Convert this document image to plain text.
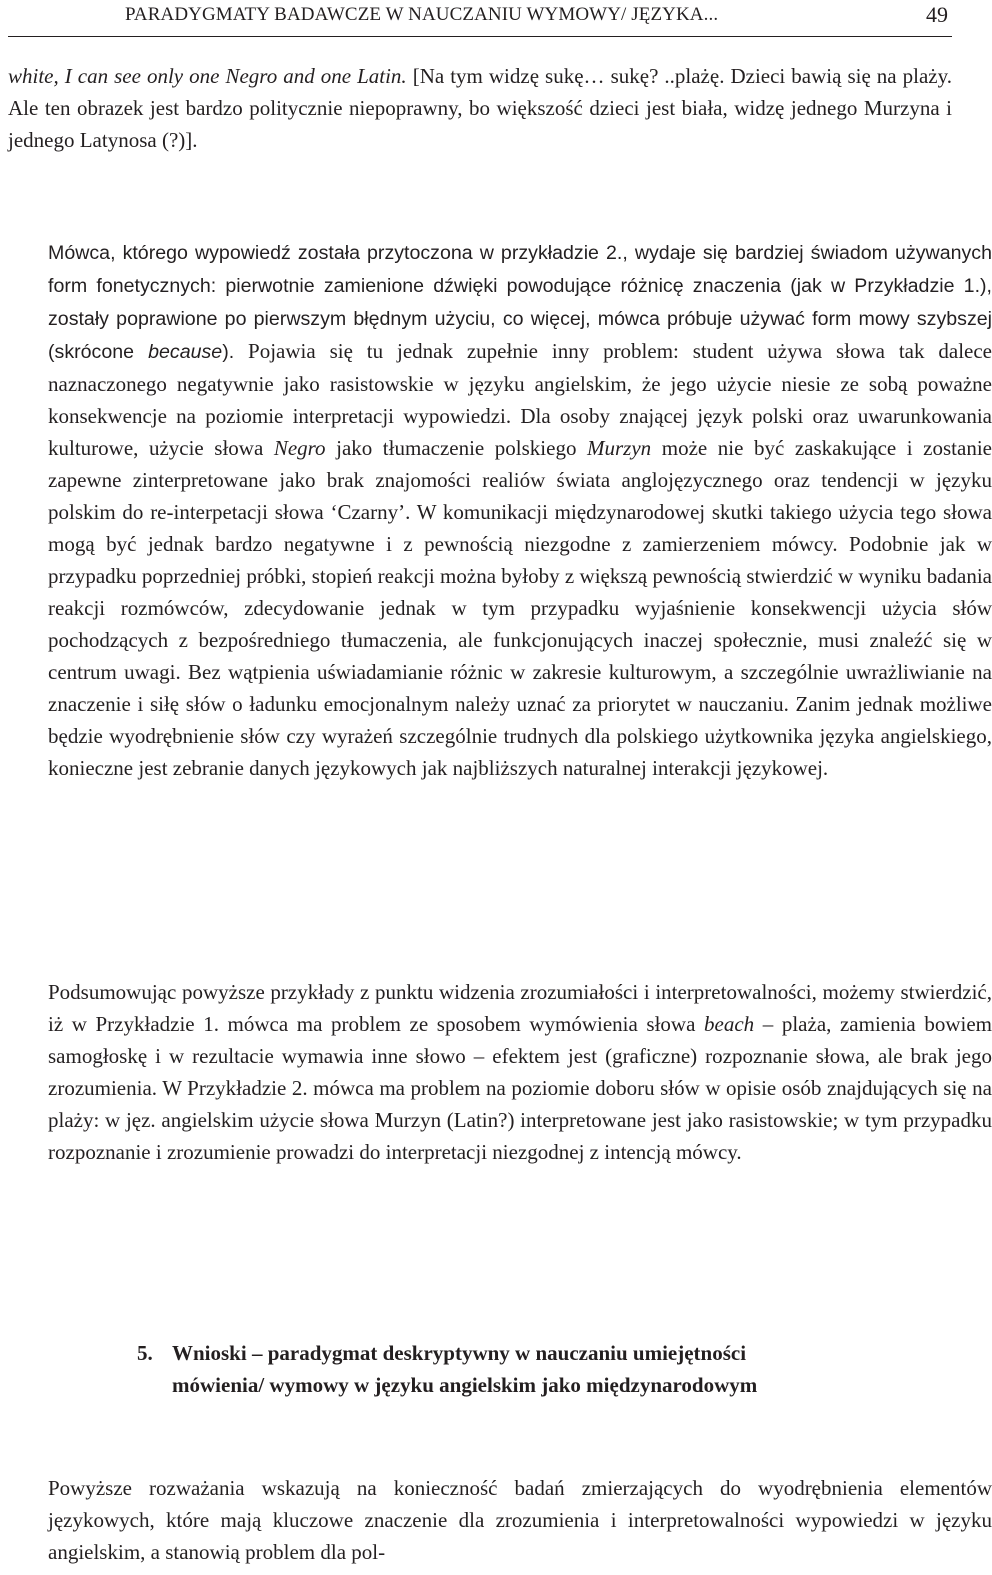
PARADYGMATY BADAWCZE W NAUCZANIU WYMOWY/ JĘZYKA...	49

white, I can see only one Negro and one Latin. [Na tym widzę sukę… sukę? ..plażę. Dzieci bawią się na plaży. Ale ten obrazek jest bardzo politycznie niepoprawny, bo większość dzieci jest biała, widzę jednego Murzyna i jednego Latynosa (?)].

Mówca, którego wypowiedź została przytoczona w przykładzie 2., wydaje się bardziej świadom używanych form fonetycznych: pierwotnie zamienione dźwięki powodujące różnicę znaczenia (jak w Przykładzie 1.), zostały poprawione po pierwszym błędnym użyciu, co więcej, mówca próbuje używać form mowy szybszej (skrócone because). Pojawia się tu jednak zupełnie inny problem: student używa słowa tak dalece naznaczonego negatywnie jako rasistowskie w języku angielskim, że jego użycie niesie ze sobą poważne konsekwencje na poziomie interpretacji wypowiedzi. Dla osoby znającej język polski oraz uwarunkowania kulturowe, użycie słowa Negro jako tłumaczenie polskiego Murzyn może nie być zaskakujące i zostanie zapewne zinterpretowane jako brak znajomości realiów świata anglojęzycznego oraz tendencji w języku polskim do re-interpetacji słowa ‘Czarny’. W komunikacji międzynarodowej skutki takiego użycia tego słowa mogą być jednak bardzo negatywne i z pewnością niezgodne z zamierzeniem mówcy. Podobnie jak w przypadku poprzedniej próbki, stopień reakcji można byłoby z większą pewnością stwierdzić w wyniku badania reakcji rozmówców, zdecydowanie jednak w tym przypadku wyjaśnienie konsekwencji użycia słów pochodzących z bezpośredniego tłumaczenia, ale funkcjonujących inaczej społecznie, musi znaleźć się w centrum uwagi. Bez wątpienia uświadamianie różnic w zakresie kulturowym, a szczególnie uwrażliwianie na znaczenie i siłę słów o ładunku emocjonalnym należy uznać za priorytet w nauczaniu. Zanim jednak możliwe będzie wyodrębnienie słów czy wyrażeń szczególnie trudnych dla polskiego użytkownika języka angielskiego, konieczne jest zebranie danych językowych jak najbliższych naturalnej interakcji językowej.

Podsumowując powyższe przykłady z punktu widzenia zrozumiałości i interpretowalności, możemy stwierdzić, iż w Przykładzie 1. mówca ma problem ze sposobem wymówienia słowa beach – plaża, zamienia bowiem samogłoskę i w rezultacie wymawia inne słowo – efektem jest (graficzne) rozpoznanie słowa, ale brak jego zrozumienia. W Przykładzie 2. mówca ma problem na poziomie doboru słów w opisie osób znajdujących się na plaży: w jęz. angielskim użycie słowa Murzyn (Latin?) interpretowane jest jako rasistowskie; w tym przypadku rozpoznanie i zrozumienie prowadzi do interpretacji niezgodnej z intencją mówcy.

5. Wnioski – paradygmat deskryptywny w nauczaniu umiejętności
mówienia/ wymowy w języku angielskim jako międzynarodowym

Powyższe rozważania wskazują na konieczność badań zmierzających do wyodrębnienia elementów językowych, które mają kluczowe znaczenie dla zrozumienia i interpretowalności wypowiedzi w języku angielskim, a stanowią problem dla pol-
